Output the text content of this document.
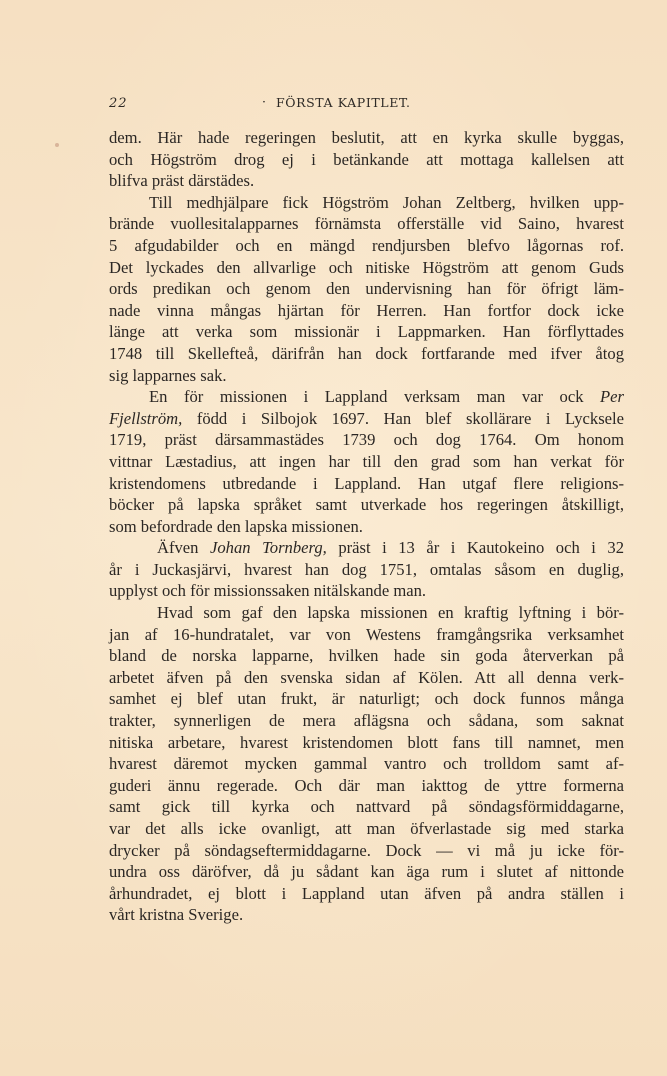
22
·	FÖRSTA KAPITLET.
dem. Här hade regeringen beslutit, att en kyrka skulle byggas,
och Högström drog ej i betänkande att mottaga kallelsen att
blifva präst därstädes.
Till medhjälpare fick Högström Johan Zeltberg, hvilken upp-
brände vuollesitalapparnes förnämsta offerställe vid Saino, hvarest
5 afgudabilder och en mängd rendjursben blefvo lågornas rof.
Det lyckades den allvarlige och nitiske Högström att genom Guds
ords predikan och genom den undervisning han för öfrigt läm-
nade vinna mångas hjärtan för Herren. Han fortfor dock icke
länge att verka som missionär i Lappmarken. Han förflyttades
1748 till Skellefteå, därifrån han dock fortfarande med ifver åtog
sig lapparnes sak.
En för missionen i Lappland verksam man var ock Per
Fjellström, född i Silbojok 1697. Han blef skollärare i Lycksele
1719, präst därsammastädes 1739 och dog 1764. Om honom
vittnar Læstadius, att ingen har till den grad som han verkat för
kristendomens utbredande i Lappland. Han utgaf flere religions-
böcker på lapska språket samt utverkade hos regeringen åtskilligt,
som befordrade den lapska missionen.
Äfven Johan Tornberg, präst i 13 år i Kautokeino och i 32
år i Juckasjärvi, hvarest han dog 1751, omtalas såsom en duglig,
upplyst och för missionssaken nitälskande man.
Hvad som gaf den lapska missionen en kraftig lyftning i bör-
jan af 16-hundratalet, var von Westens framgångsrika verksamhet
bland de norska lapparne, hvilken hade sin goda återverkan på
arbetet äfven på den svenska sidan af Kölen. Att all denna verk-
samhet ej blef utan frukt, är naturligt; och dock funnos många
trakter, synnerligen de mera aflägsna och sådana, som saknat
nitiska arbetare, hvarest kristendomen blott fans till namnet, men
hvarest däremot mycken gammal vantro och trolldom samt af-
guderi ännu regerade. Och där man iakttog de yttre formerna
samt gick till kyrka och nattvard på söndagsförmiddagarne,
var det alls icke ovanligt, att man öfverlastade sig med starka
drycker på söndagseftermiddagarne. Dock — vi må ju icke för-
undra oss däröfver, då ju sådant kan äga rum i slutet af nittonde
århundradet, ej blott i Lappland utan äfven på andra ställen i
vårt kristna Sverige.
